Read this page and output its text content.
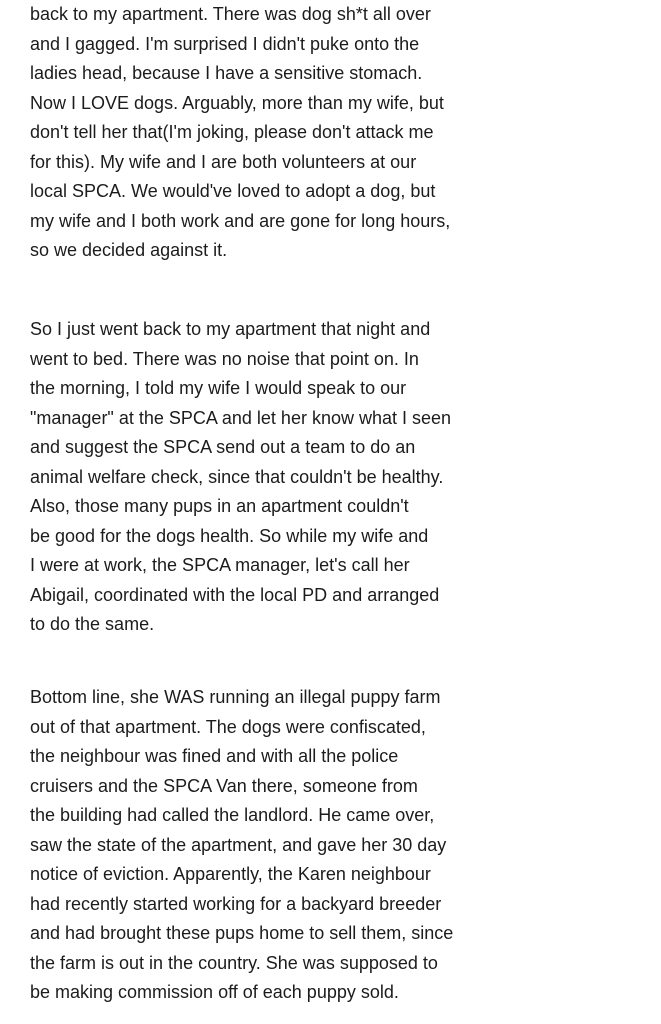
back to my apartment. There was dog sh*t all over
and I gagged. I'm surprised I didn't puke onto the
ladies head, because I have a sensitive stomach.
Now I LOVE dogs. Arguably, more than my wife, but
don't tell her that(I'm joking, please don't attack me
for this). My wife and I are both volunteers at our
local SPCA. We would've loved to adopt a dog, but
my wife and I both work and are gone for long hours,
so we decided against it.
So I just went back to my apartment that night and
went to bed. There was no noise that point on. In
the morning, I told my wife I would speak to our
"manager" at the SPCA and let her know what I seen
and suggest the SPCA send out a team to do an
animal welfare check, since that couldn't be healthy.
Also, those many pups in an apartment couldn't
be good for the dogs health. So while my wife and
I were at work, the SPCA manager, let's call her
Abigail, coordinated with the local PD and arranged
to do the same.
Bottom line, she WAS running an illegal puppy farm
out of that apartment. The dogs were confiscated,
the neighbour was fined and with all the police
cruisers and the SPCA Van there, someone from
the building had called the landlord. He came over,
saw the state of the apartment, and gave her 30 day
notice of eviction. Apparently, the Karen neighbour
had recently started working for a backyard breeder
and had brought these pups home to sell them, since
the farm is out in the country. She was supposed to
be making commission off of each puppy sold.
